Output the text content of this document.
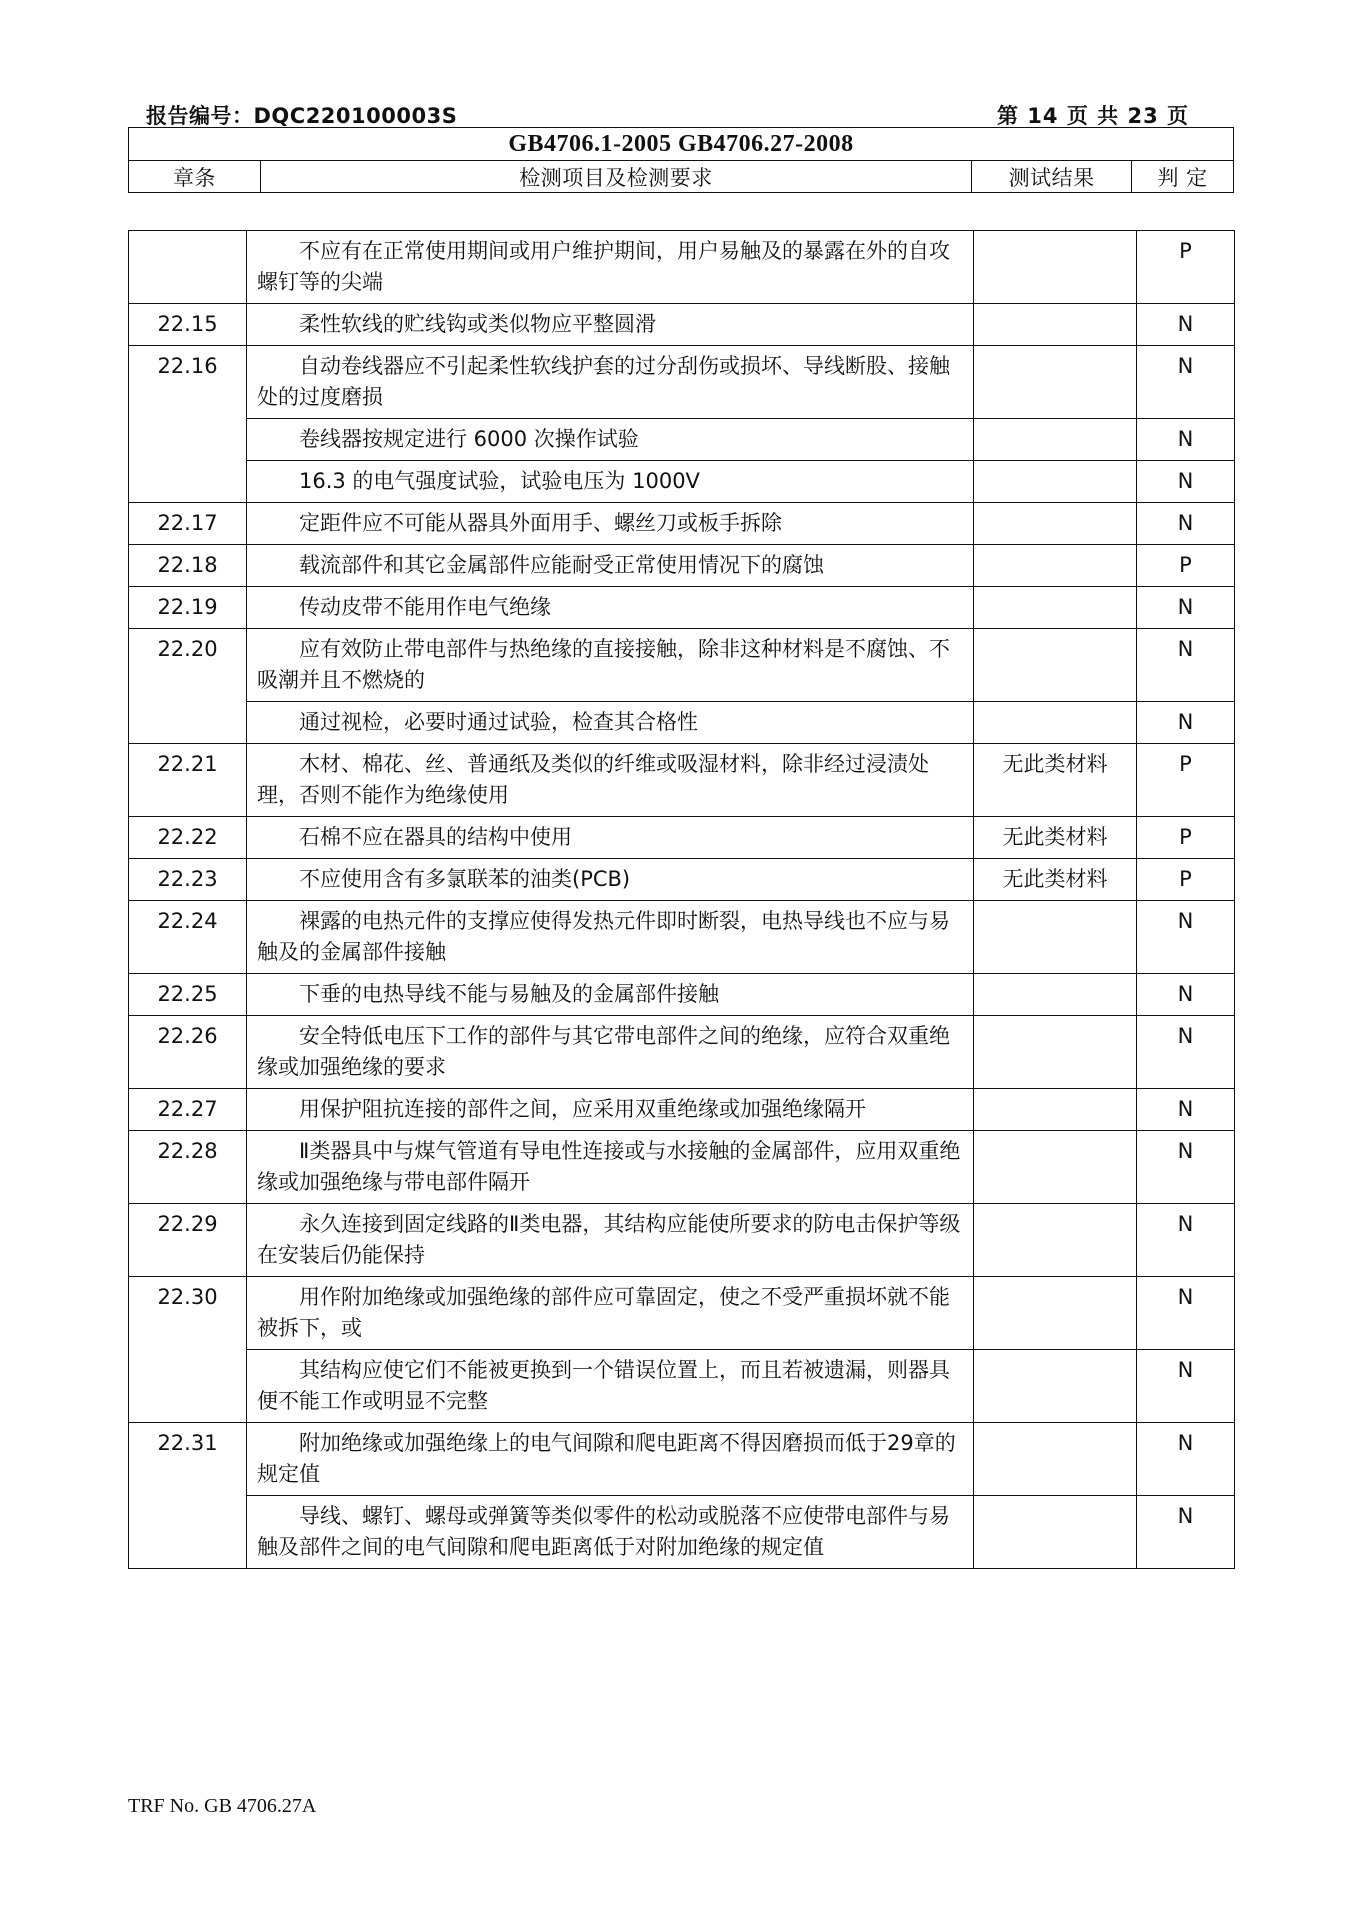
报告编号：DQC220100003S	第 14 页 共 23 页
GB4706.1-2005 GB4706.27-2008
章条	检测项目及检测要求	测试结果	判 定

	不应有在正常使用期间或用户维护期间，用户易触及的暴露在外的自攻螺钉等的尖端		P
22.15	柔性软线的贮线钩或类似物应平整圆滑		N
22.16	自动卷线器应不引起柔性软线护套的过分刮伤或损坏、导线断股、接触处的过度磨损		N

	卷线器按规定进行 6000 次操作试验		N

	16.3 的电气强度试验，试验电压为 1000V		N
22.17	定距件应不可能从器具外面用手、螺丝刀或板手拆除		N
22.18	载流部件和其它金属部件应能耐受正常使用情况下的腐蚀		P
22.19	传动皮带不能用作电气绝缘		N
22.20	应有效防止带电部件与热绝缘的直接接触，除非这种材料是不腐蚀、不吸潮并且不燃烧的		N

	通过视检，必要时通过试验，检查其合格性		N
22.21	木材、棉花、丝、普通纸及类似的纤维或吸湿材料，除非经过浸渍处理，否则不能作为绝缘使用	无此类材料	P
22.22	石棉不应在器具的结构中使用	无此类材料	P
22.23	不应使用含有多氯联苯的油类(PCB)	无此类材料	P
22.24	裸露的电热元件的支撑应使得发热元件即时断裂，电热导线也不应与易触及的金属部件接触		N
22.25	下垂的电热导线不能与易触及的金属部件接触		N
22.26	安全特低电压下工作的部件与其它带电部件之间的绝缘，应符合双重绝缘或加强绝缘的要求		N
22.27	用保护阻抗连接的部件之间，应采用双重绝缘或加强绝缘隔开		N
22.28	Ⅱ类器具中与煤气管道有导电性连接或与水接触的金属部件，应用双重绝缘或加强绝缘与带电部件隔开		N
22.29	永久连接到固定线路的Ⅱ类电器，其结构应能使所要求的防电击保护等级在安装后仍能保持		N
22.30	用作附加绝缘或加强绝缘的部件应可靠固定，使之不受严重损坏就不能被拆下，或		N

	其结构应使它们不能被更换到一个错误位置上，而且若被遗漏，则器具便不能工作或明显不完整		N
22.31	附加绝缘或加强绝缘上的电气间隙和爬电距离不得因磨损而低于29章的规定值		N

	导线、螺钉、螺母或弹簧等类似零件的松动或脱落不应使带电部件与易触及部件之间的电气间隙和爬电距离低于对附加绝缘的规定值		N
TRF No. GB 4706.27A
